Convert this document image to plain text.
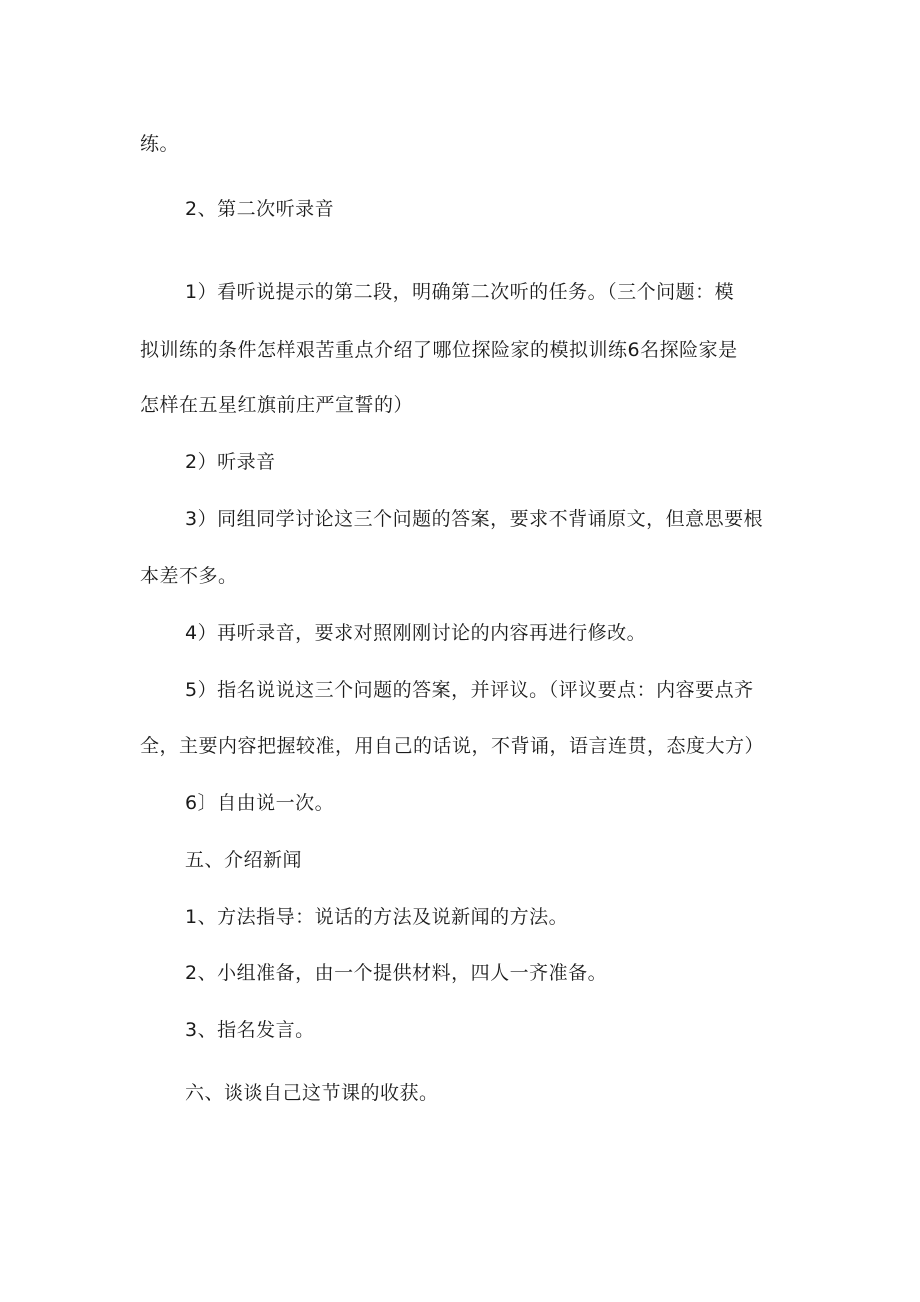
练。
2、第二次听录音
1）看听说提示的第二段，明确第二次听的任务。（三个问题：模
拟训练的条件怎样艰苦重点介绍了哪位探险家的模拟训练6名探险家是
怎样在五星红旗前庄严宣誓的）
2）听录音
3）同组同学讨论这三个问题的答案，要求不背诵原文，但意思要根
本差不多。
4）再听录音，要求对照刚刚讨论的内容再进行修改。
5）指名说说这三个问题的答案，并评议。（评议要点：内容要点齐
全，主要内容把握较准，用自己的话说，不背诵，语言连贯，态度大方）
6〕自由说一次。
五、介绍新闻
1、方法指导：说话的方法及说新闻的方法。
2、小组准备，由一个提供材料，四人一齐准备。
3、指名发言。
六、谈谈自己这节课的收获。
